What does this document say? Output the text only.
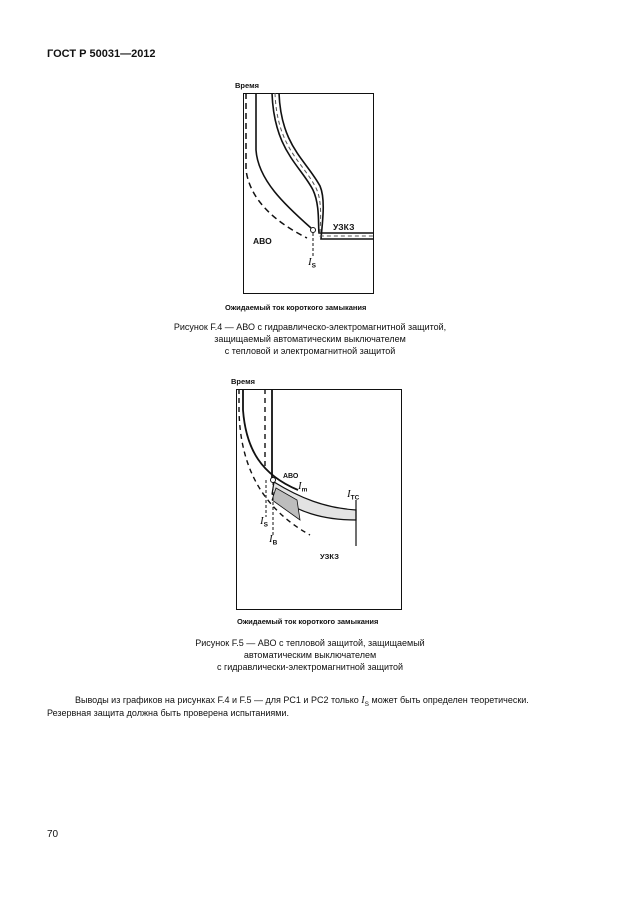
ГОСТ Р 50031—2012
Время
АВО
УЗКЗ
$I_S$
Ожидаемый ток короткого замыкания
Рисунок F.4 — АВО с гидравлическо-электромагнитной защитой,
защищаемый автоматическим выключателем
с тепловой и электромагнитной защитой
Время
АВО
$I_m$	$I_{TC}$
$I_S$
$I_B$
УЗКЗ
Ожидаемый ток короткого замыкания
Рисунок F.5 — АВО с тепловой защитой, защищаемый
автоматическим выключателем
с гидравлически-электромагнитной защитой
Выводы из графиков на рисунках F.4 и F.5 — для PC1 и PC2 только $I_S$ может быть определен теоретически.
Резервная защита должна быть проверена испытаниями.
70
